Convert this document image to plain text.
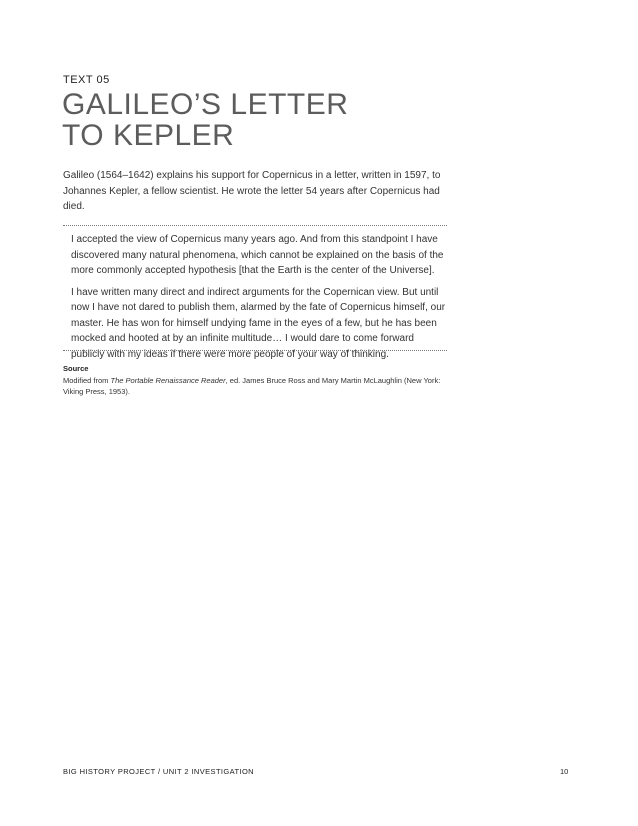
TEXT 05
GALILEO’S LETTER
TO KEPLER

Galileo (1564–1642) explains his support for Copernicus in a letter, written in 1597, to Johannes Kepler, a fellow scientist. He wrote the letter 54 years after Copernicus had died.

I accepted the view of Copernicus many years ago. And from this standpoint I have discovered many natural phenomena, which cannot be explained on the basis of the more commonly accepted hypothesis [that the Earth is the center of the Universe].

I have written many direct and indirect arguments for the Copernican view. But until now I have not dared to publish them, alarmed by the fate of Copernicus himself, our master. He has won for himself undying fame in the eyes of a few, but he has been mocked and hooted at by an infinite multitude… I would dare to come forward publicly with my ideas if there were more people of your way of thinking.

Source
Modified from The Portable Renaissance Reader, ed. James Bruce Ross and Mary Martin McLaughlin (New York: Viking Press, 1953).
BIG HISTORY PROJECT / UNIT 2 INVESTIGATION	10
